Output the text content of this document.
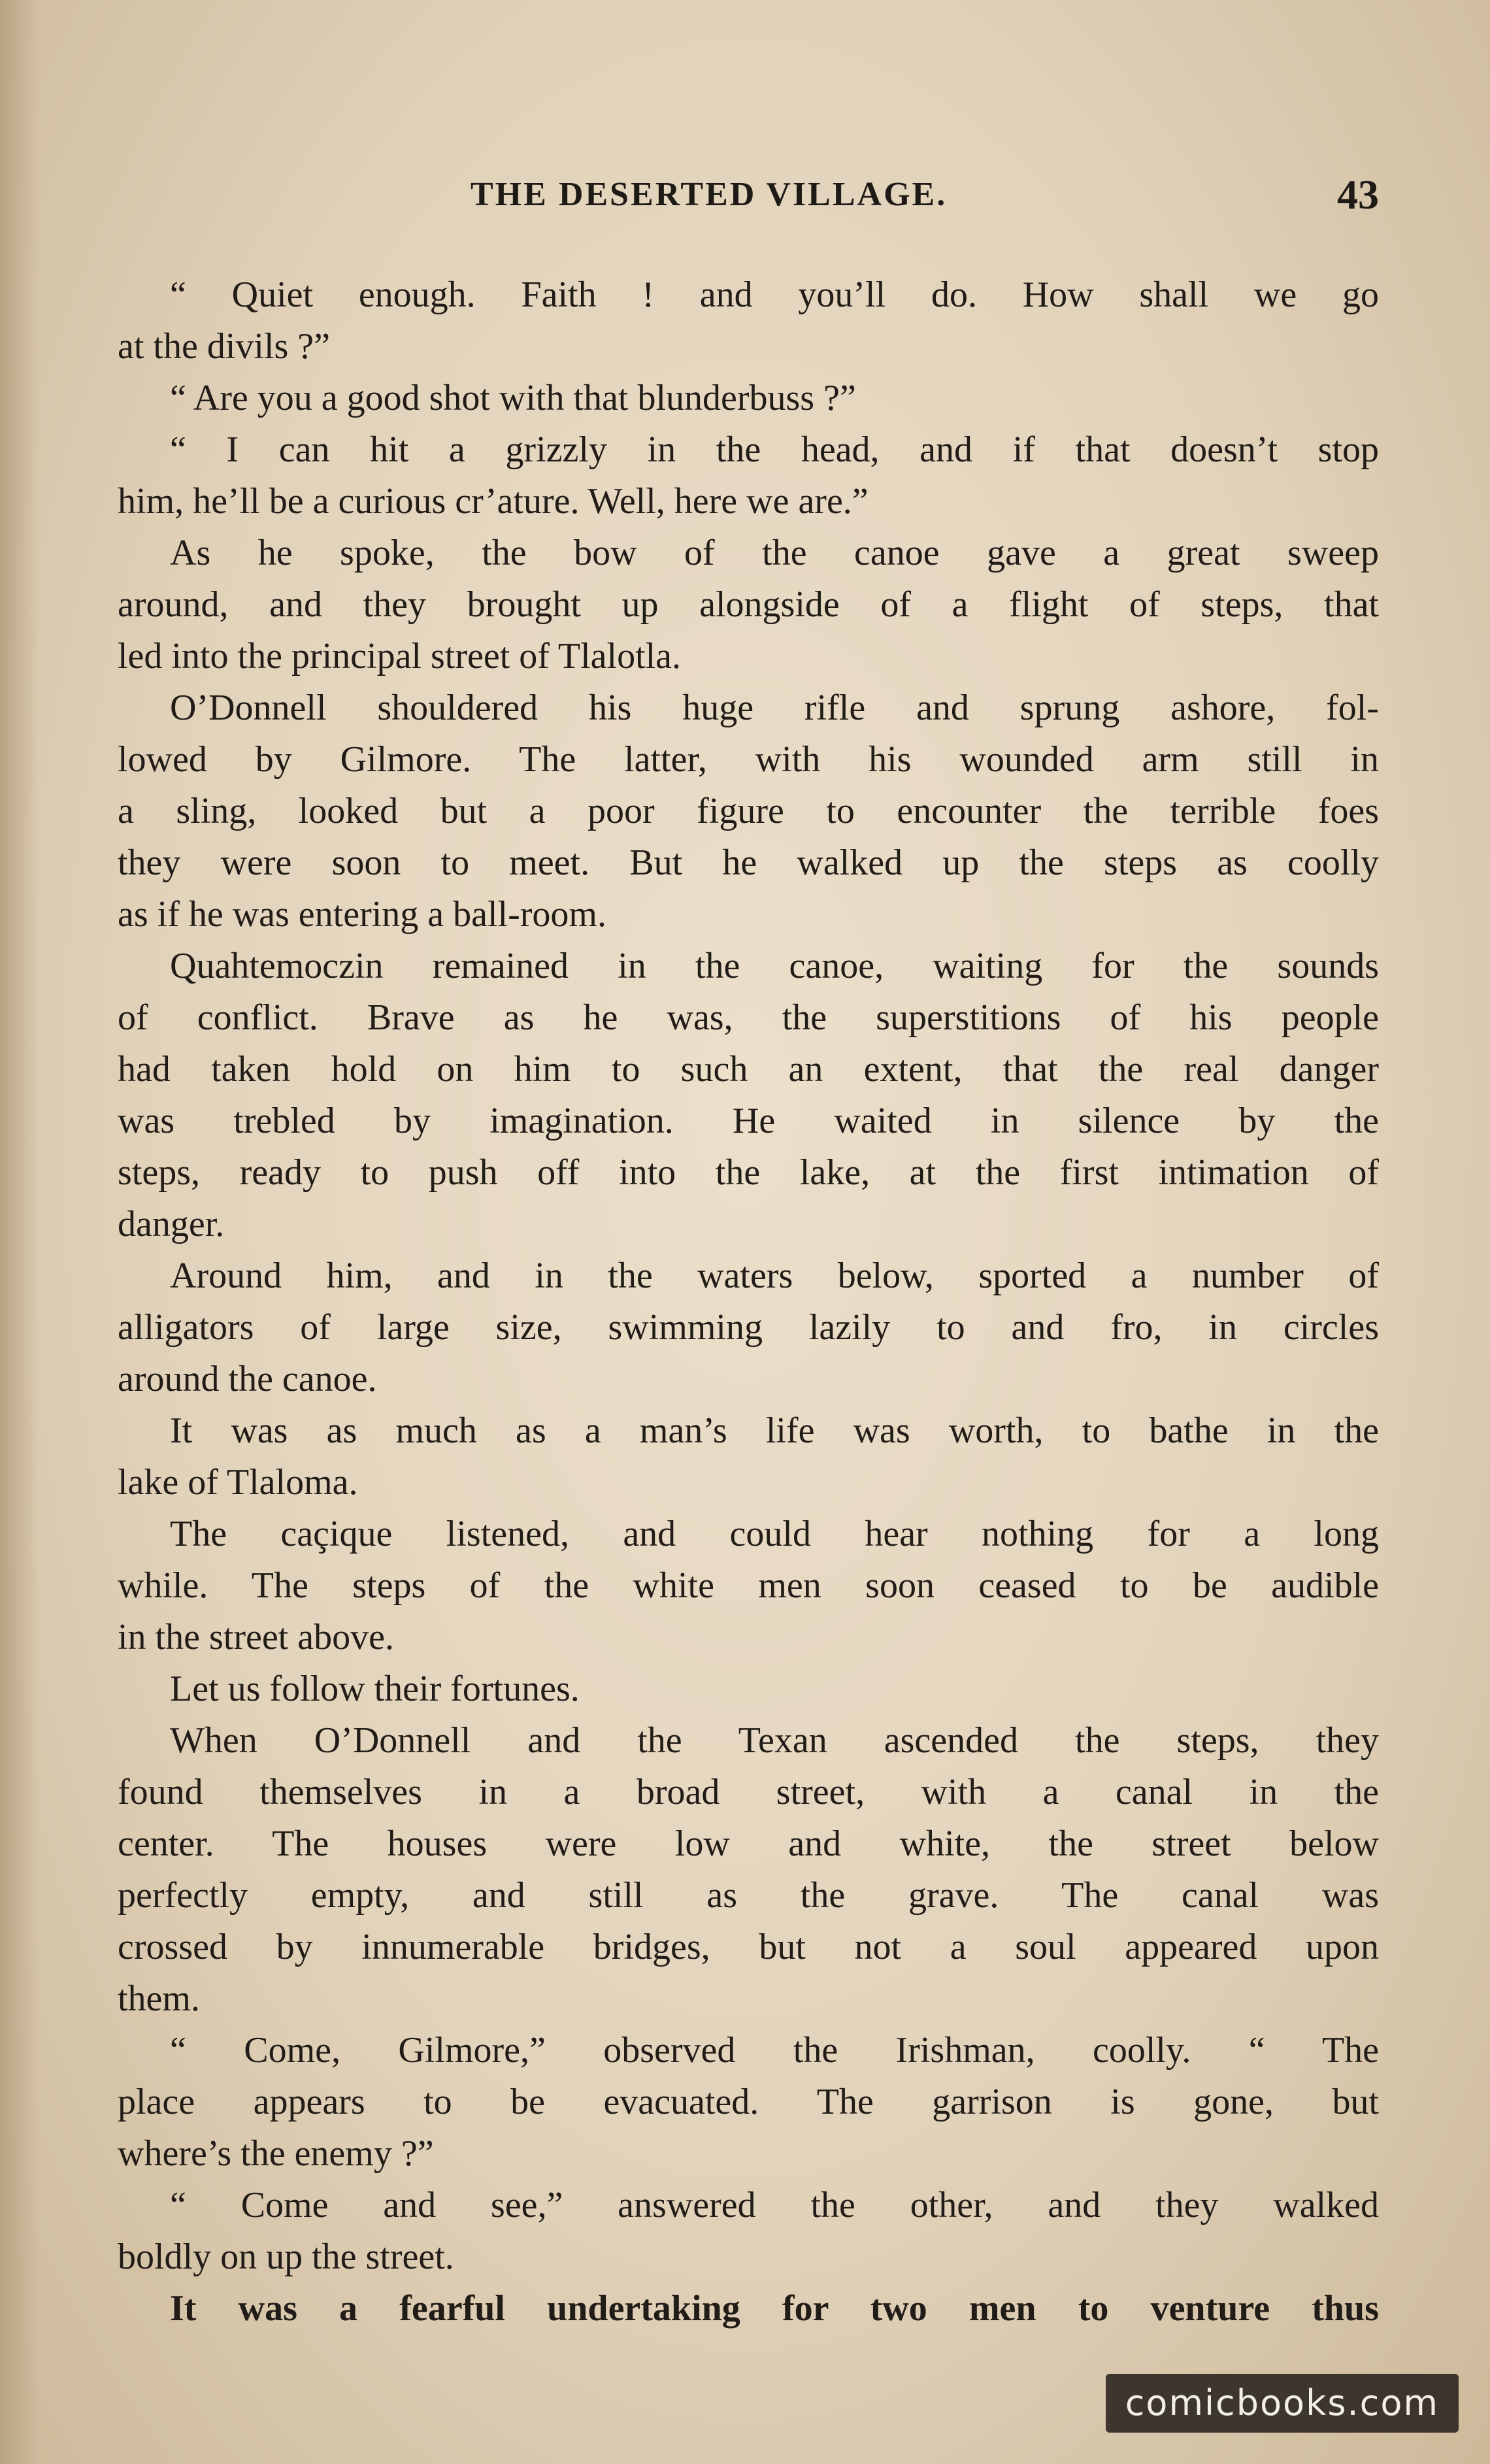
THE DESERTED VILLAGE.	43
“ Quiet enough. Faith ! and you’ll do. How shall we go
at the divils ?”
“ Are you a good shot with that blunderbuss ?”
“ I can hit a grizzly in the head, and if that doesn’t stop
him, he’ll be a curious cr’ature. Well, here we are.”
As he spoke, the bow of the canoe gave a great sweep
around, and they brought up alongside of a flight of steps, that
led into the principal street of Tlalotla.
O’Donnell shouldered his huge rifle and sprung ashore, fol-
lowed by Gilmore. The latter, with his wounded arm still in
a sling, looked but a poor figure to encounter the terrible foes
they were soon to meet. But he walked up the steps as coolly
as if he was entering a ball-room.
Quahtemoczin remained in the canoe, waiting for the sounds
of conflict. Brave as he was, the superstitions of his people
had taken hold on him to such an extent, that the real danger
was trebled by imagination. He waited in silence by the
steps, ready to push off into the lake, at the first intimation of
danger.
Around him, and in the waters below, sported a number of
alligators of large size, swimming lazily to and fro, in circles
around the canoe.
It was as much as a man’s life was worth, to bathe in the
lake of Tlaloma.
The caçique listened, and could hear nothing for a long
while. The steps of the white men soon ceased to be audible
in the street above.
Let us follow their fortunes.
When O’Donnell and the Texan ascended the steps, they
found themselves in a broad street, with a canal in the
center. The houses were low and white, the street below
perfectly empty, and still as the grave. The canal was
crossed by innumerable bridges, but not a soul appeared upon
them.
“ Come, Gilmore,” observed the Irishman, coolly. “ The
place appears to be evacuated. The garrison is gone, but
where’s the enemy ?”
“ Come and see,” answered the other, and they walked
boldly on up the street.
It was a fearful undertaking for two men to venture thus
comicbooks.com
